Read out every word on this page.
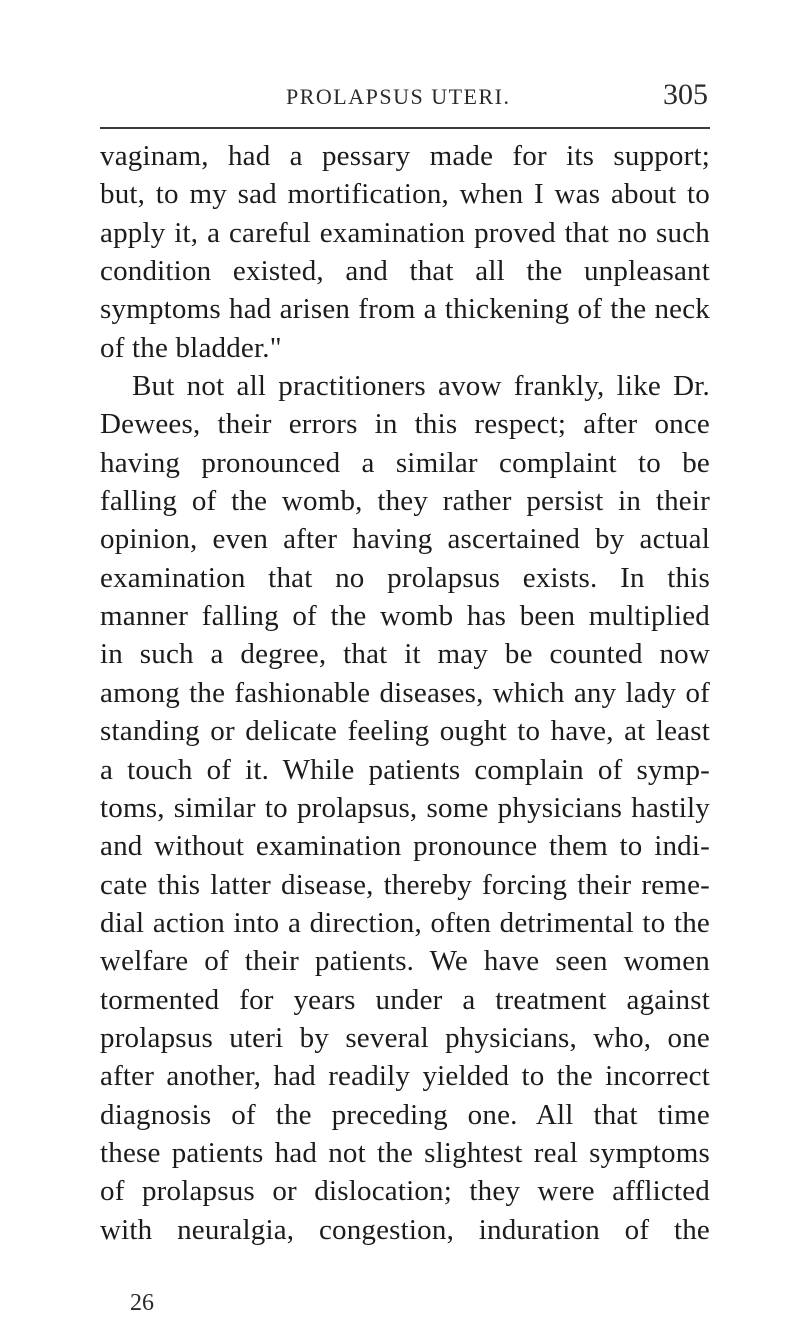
PROLAPSUS UTERI.	305
vaginam, had a pessary made for its support;
but, to my sad mortification, when I was about to
apply it, a careful examination proved that no such
condition existed, and that all the unpleasant
symptoms had arisen from a thickening of the neck
of the bladder."
But not all practitioners avow frankly, like Dr.
Dewees, their errors in this respect; after once
having pronounced a similar complaint to be
falling of the womb, they rather persist in their
opinion, even after having ascertained by actual
examination that no prolapsus exists. In this
manner falling of the womb has been multiplied
in such a degree, that it may be counted now
among the fashionable diseases, which any lady of
standing or delicate feeling ought to have, at least
a touch of it. While patients complain of symp-
toms, similar to prolapsus, some physicians hastily
and without examination pronounce them to indi-
cate this latter disease, thereby forcing their reme-
dial action into a direction, often detrimental to the
welfare of their patients. We have seen women
tormented for years under a treatment against
prolapsus uteri by several physicians, who, one
after another, had readily yielded to the incorrect
diagnosis of the preceding one. All that time
these patients had not the slightest real symptoms
of prolapsus or dislocation; they were afflicted
with neuralgia, congestion, induration of the
26
